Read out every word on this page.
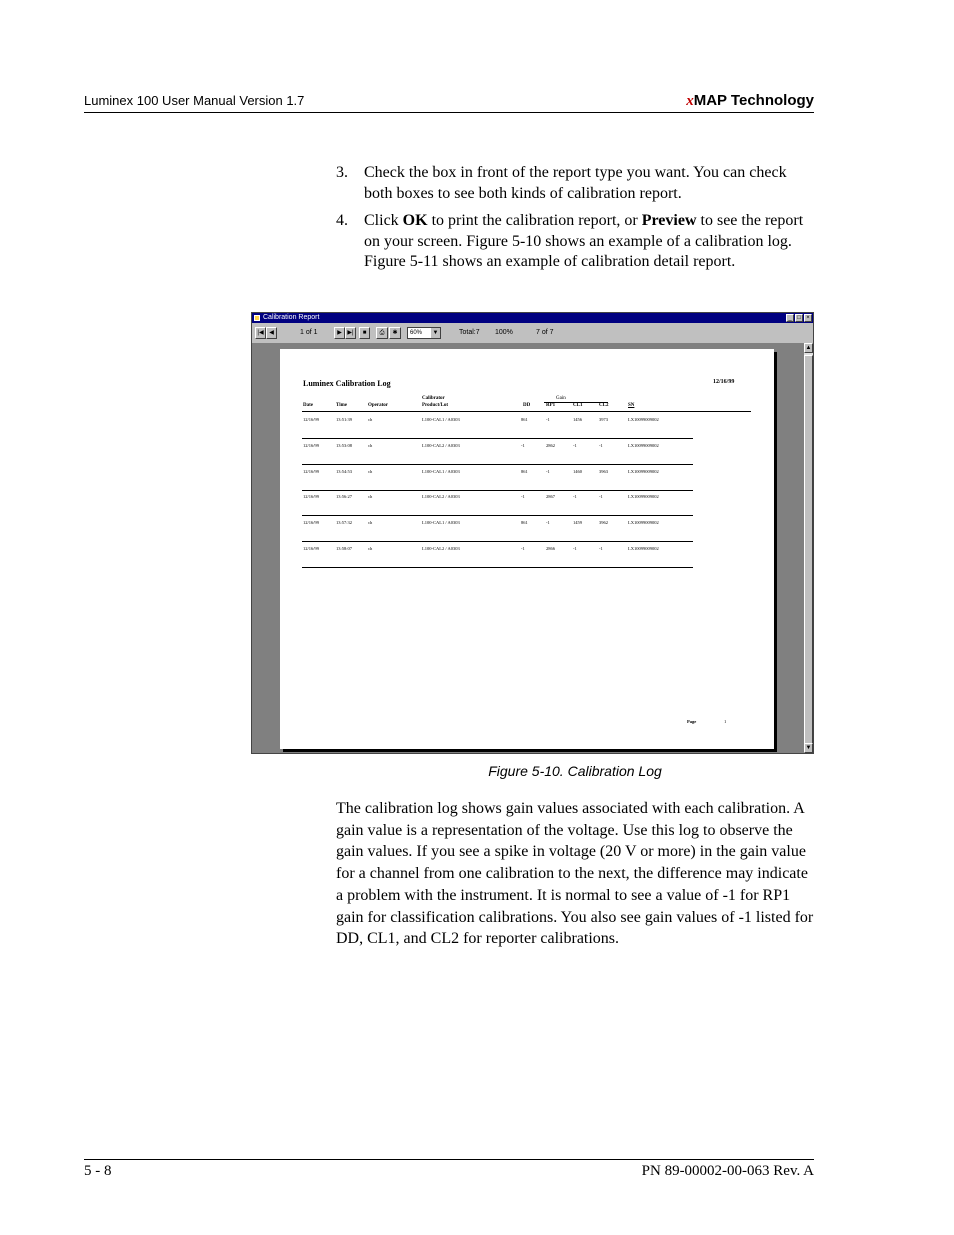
Luminex 100 User Manual Version 1.7	xMAP Technology
3. Check the box in front of the report type you want. You can check both boxes to see both kinds of calibration report.
4. Click OK to print the calibration report, or Preview to see the report on your screen. Figure 5-10 shows an example of a calibration log. Figure 5-11 shows an example of calibration detail report.
Calibration Report	_ □ ×
|◀ ◀	1 of 1	▶ ▶|	■	⎙	✱	60% ▼	Total:7 100%	7 of 7
▲
▼
Luminex Calibration Log	12/16/99
Calibrator	Gain
Date	Time	Operator	Product/Lot	DD	RP1	CL1	CL2	SN
12/16/99	13:51:39	ch	L100-CAL1 / A0303	861	-1	1456	3973	LX10099009002
12/16/99	13:53:08	ch	L100-CAL2 / A0303	-1	2862	-1	-1	LX10099009002
12/16/99	13:54:53	ch	L100-CAL1 / A0303	861	-1	1460	3963	LX10099009002
12/16/99	13:56:27	ch	L100-CAL2 / A0303	-1	2867	-1	-1	LX10099009002
12/16/99	13:57:32	ch	L100-CAL1 / A0303	861	-1	1459	3962	LX10099009002
12/16/99	13:58:07	ch	L100-CAL2 / A0303	-1	2866	-1	-1	LX10099009002
Page	1
Figure 5-10. Calibration Log
The calibration log shows gain values associated with each calibration. A gain value is a representation of the voltage. Use this log to observe the gain values. If you see a spike in voltage (20 V or more) in the gain value for a channel from one calibration to the next, the difference may indicate a problem with the instrument. It is normal to see a value of -1 for RP1 gain for classification calibrations. You also see gain values of -1 listed for DD, CL1, and CL2 for reporter calibrations.
5 - 8	PN 89-00002-00-063 Rev. A
